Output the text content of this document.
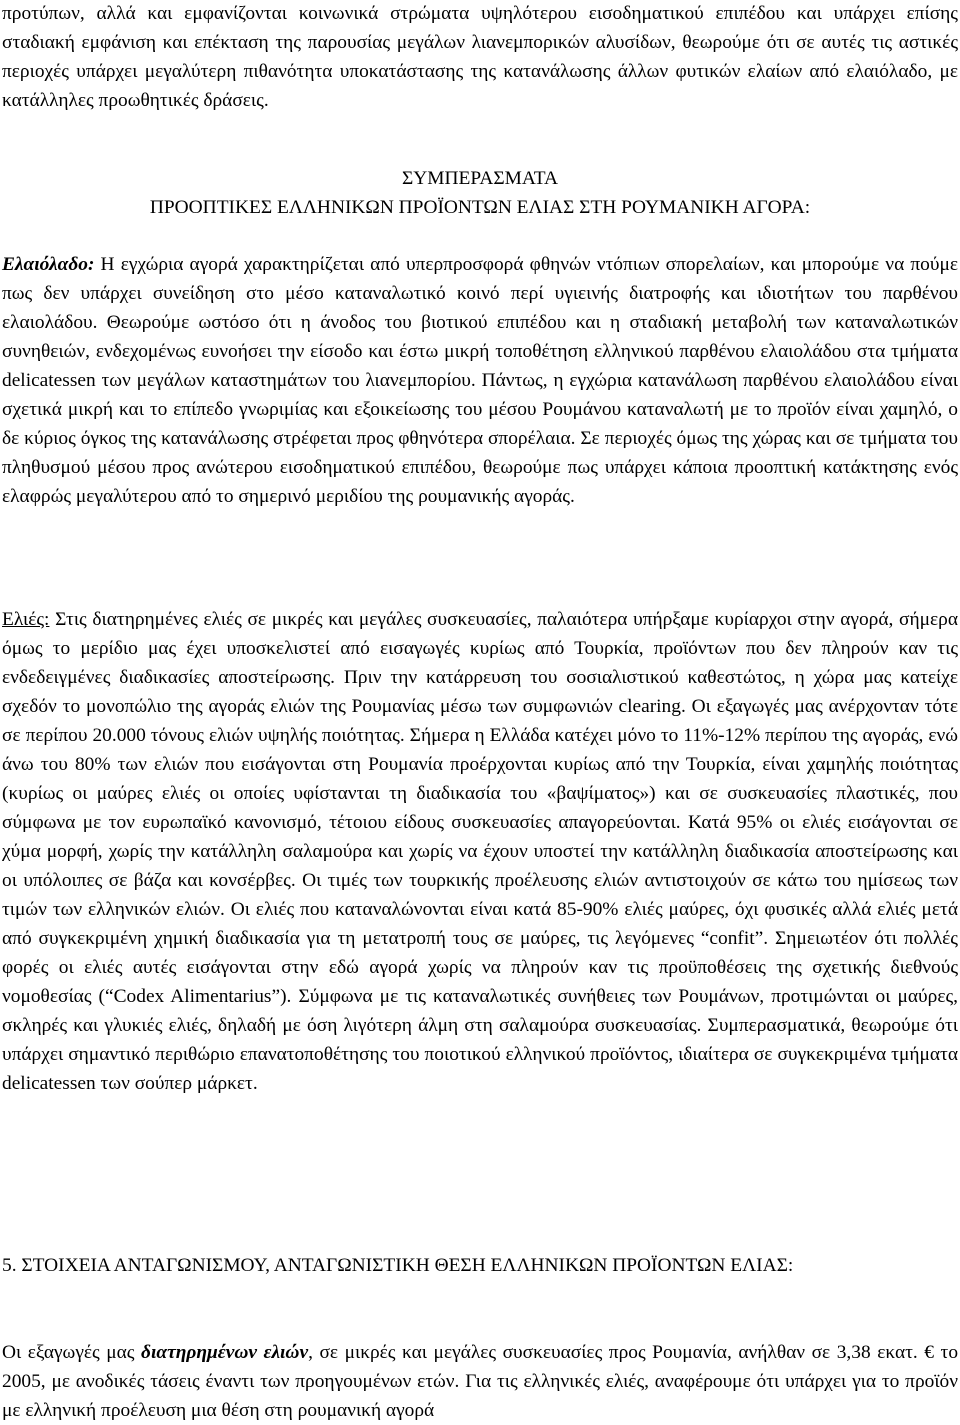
προτύπων, αλλά και εμφανίζονται κοινωνικά στρώματα υψηλότερου εισοδηματικού επιπέδου και υπάρχει επίσης σταδιακή εμφάνιση και επέκταση της παρουσίας μεγάλων λιανεμπορικών αλυσίδων, θεωρούμε ότι σε αυτές τις αστικές περιοχές υπάρχει μεγαλύτερη πιθανότητα υποκατάστασης της κατανάλωσης άλλων φυτικών ελαίων από ελαιόλαδο, με κατάλληλες προωθητικές δράσεις.

ΣΥΜΠΕΡΑΣΜΑΤΑ
ΠΡΟΟΠΤΙΚΕΣ ΕΛΛΗΝΙΚΩΝ ΠΡΟΪΟΝΤΩΝ ΕΛΙΑΣ ΣΤΗ ΡΟΥΜΑΝΙΚΗ ΑΓΟΡΑ:

Ελαιόλαδο: Η εγχώρια αγορά χαρακτηρίζεται από υπερπροσφορά φθηνών ντόπιων σπορελαίων, και μπορούμε να πούμε πως δεν υπάρχει συνείδηση στο μέσο καταναλωτικό κοινό περί υγιεινής διατροφής και ιδιοτήτων του παρθένου ελαιολάδου. Θεωρούμε ωστόσο ότι η άνοδος του βιοτικού επιπέδου και η σταδιακή μεταβολή των καταναλωτικών συνηθειών, ενδεχομένως ευνοήσει την είσοδο και έστω μικρή τοποθέτηση ελληνικού παρθένου ελαιολάδου στα τμήματα delicatessen των μεγάλων καταστημάτων του λιανεμπορίου. Πάντως, η εγχώρια κατανάλωση παρθένου ελαιολάδου είναι σχετικά μικρή και το επίπεδο γνωριμίας και εξοικείωσης του μέσου Ρουμάνου καταναλωτή με το προϊόν είναι χαμηλό, ο δε κύριος όγκος της κατανάλωσης στρέφεται προς φθηνότερα σπορέλαια. Σε περιοχές όμως της χώρας και σε τμήματα του πληθυσμού μέσου προς ανώτερου εισοδηματικού επιπέδου, θεωρούμε πως υπάρχει κάποια προοπτική κατάκτησης ενός ελαφρώς μεγαλύτερου από το σημερινό μεριδίου της ρουμανικής αγοράς.

Ελιές: Στις διατηρημένες ελιές σε μικρές και μεγάλες συσκευασίες, παλαιότερα υπήρξαμε κυρίαρχοι στην αγορά, σήμερα όμως το μερίδιο μας έχει υποσκελιστεί από εισαγωγές κυρίως από Τουρκία, προϊόντων που δεν πληρούν καν τις ενδεδειγμένες διαδικασίες αποστείρωσης. Πριν την κατάρρευση του σοσιαλιστικού καθεστώτος, η χώρα μας κατείχε σχεδόν το μονοπώλιο της αγοράς ελιών της Ρουμανίας μέσω των συμφωνιών clearing. Οι εξαγωγές μας ανέρχονταν τότε σε περίπου 20.000 τόνους ελιών υψηλής ποιότητας. Σήμερα η Ελλάδα κατέχει μόνο το 11%-12% περίπου της αγοράς, ενώ άνω του 80% των ελιών που εισάγονται στη Ρουμανία προέρχονται κυρίως από την Τουρκία, είναι χαμηλής ποιότητας (κυρίως οι μαύρες ελιές οι οποίες υφίστανται τη διαδικασία του «βαψίματος») και σε συσκευασίες πλαστικές, που σύμφωνα με τον ευρωπαϊκό κανονισμό, τέτοιου είδους συσκευασίες απαγορεύονται. Κατά 95% οι ελιές εισάγονται σε χύμα μορφή, χωρίς την κατάλληλη σαλαμούρα και χωρίς να έχουν υποστεί την κατάλληλη διαδικασία αποστείρωσης και οι υπόλοιπες σε βάζα και κονσέρβες. Οι τιμές των τουρκικής προέλευσης ελιών αντιστοιχούν σε κάτω του ημίσεως των τιμών των ελληνικών ελιών. Οι ελιές που καταναλώνονται είναι κατά 85-90% ελιές μαύρες, όχι φυσικές αλλά ελιές μετά από συγκεκριμένη χημική διαδικασία για τη μετατροπή τους σε μαύρες, τις λεγόμενες “confit”. Σημειωτέον ότι πολλές φορές οι ελιές αυτές εισάγονται στην εδώ αγορά χωρίς να πληρούν καν τις προϋποθέσεις της σχετικής διεθνούς νομοθεσίας (“Codex Alimentarius”). Σύμφωνα με τις καταναλωτικές συνήθειες των Ρουμάνων, προτιμώνται οι μαύρες, σκληρές και γλυκιές ελιές, δηλαδή με όση λιγότερη άλμη στη σαλαμούρα συσκευασίας. Συμπερασματικά, θεωρούμε ότι υπάρχει σημαντικό περιθώριο επανατοποθέτησης του ποιοτικού ελληνικού προϊόντος, ιδιαίτερα σε συγκεκριμένα τμήματα delicatessen των σούπερ μάρκετ.

5. ΣΤΟΙΧΕΙΑ ΑΝΤΑΓΩΝΙΣΜΟΥ, ΑΝΤΑΓΩΝΙΣΤΙΚΗ ΘΕΣΗ ΕΛΛΗΝΙΚΩΝ ΠΡΟΪΟΝΤΩΝ ΕΛΙΑΣ:

Οι εξαγωγές μας διατηρημένων ελιών, σε μικρές και μεγάλες συσκευασίες προς Ρουμανία, ανήλθαν σε 3,38 εκατ. € το 2005, με ανοδικές τάσεις έναντι των προηγουμένων ετών. Για τις ελληνικές ελιές, αναφέρουμε ότι υπάρχει για το προϊόν με ελληνική προέλευση μια θέση στη ρουμανική αγορά
